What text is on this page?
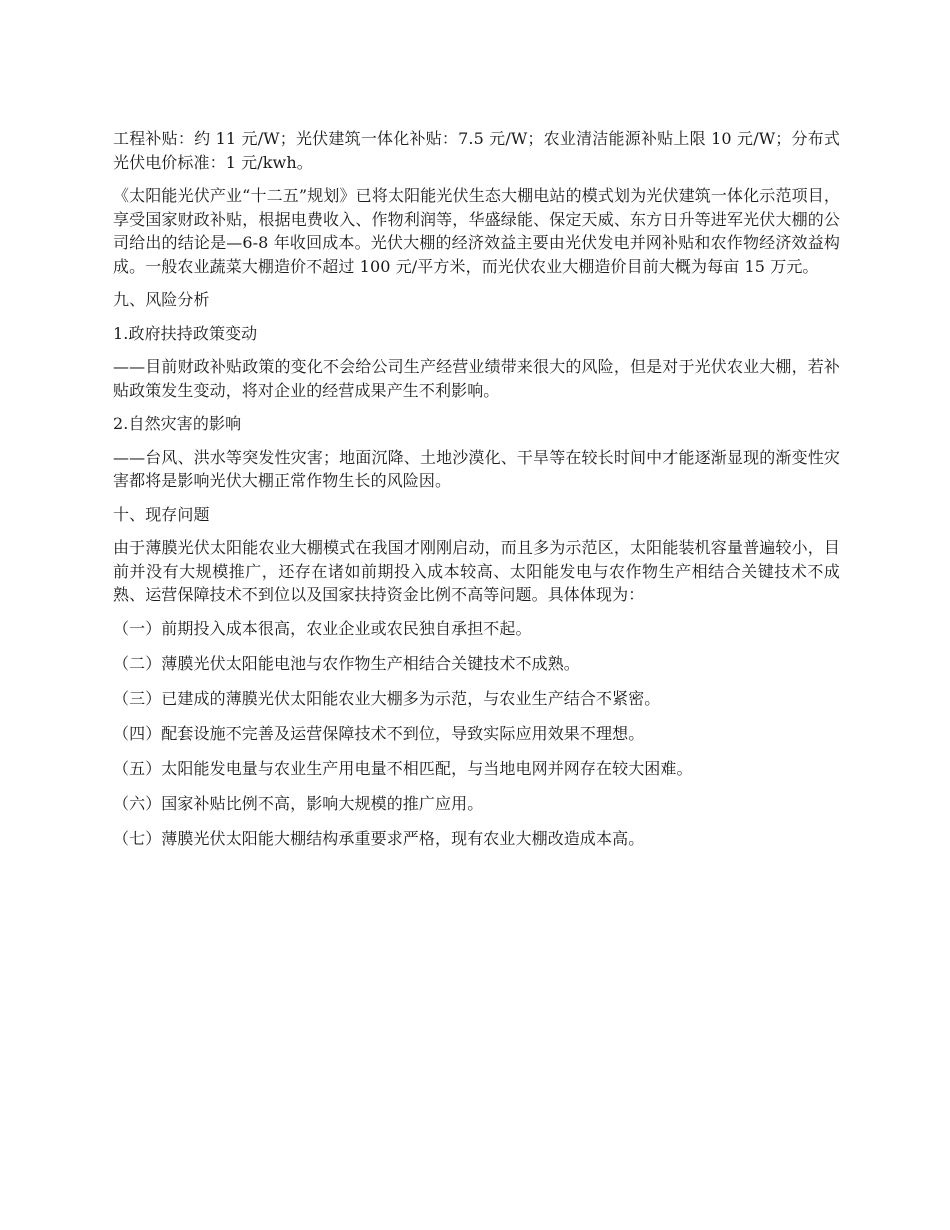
工程补贴：约 11 元/W；光伏建筑一体化补贴：7.5 元/W；农业清洁能源补贴上限 10 元/W；分布式光伏电价标准：1 元/kwh。

《太阳能光伏产业“十二五”规划》已将太阳能光伏生态大棚电站的模式划为光伏建筑一体化示范项目，享受国家财政补贴，根据电费收入、作物利润等，华盛绿能、保定天威、东方日升等进军光伏大棚的公司给出的结论是—6-8 年收回成本。光伏大棚的经济效益主要由光伏发电并网补贴和农作物经济效益构成。一般农业蔬菜大棚造价不超过 100 元/平方米，而光伏农业大棚造价目前大概为每亩 15 万元。

九、风险分析

1.政府扶持政策变动

——目前财政补贴政策的变化不会给公司生产经营业绩带来很大的风险，但是对于光伏农业大棚，若补贴政策发生变动，将对企业的经营成果产生不利影响。

2.自然灾害的影响

——台风、洪水等突发性灾害；地面沉降、土地沙漠化、干旱等在较长时间中才能逐渐显现的渐变性灾害都将是影响光伏大棚正常作物生长的风险因。

十、现存问题

由于薄膜光伏太阳能农业大棚模式在我国才刚刚启动，而且多为示范区，太阳能装机容量普遍较小，目前并没有大规模推广，还存在诸如前期投入成本较高、太阳能发电与农作物生产相结合关键技术不成熟、运营保障技术不到位以及国家扶持资金比例不高等问题。具体体现为：

（一）前期投入成本很高，农业企业或农民独自承担不起。

（二）薄膜光伏太阳能电池与农作物生产相结合关键技术不成熟。

（三）已建成的薄膜光伏太阳能农业大棚多为示范，与农业生产结合不紧密。

（四）配套设施不完善及运营保障技术不到位，导致实际应用效果不理想。

（五）太阳能发电量与农业生产用电量不相匹配，与当地电网并网存在较大困难。

（六）国家补贴比例不高，影响大规模的推广应用。

（七）薄膜光伏太阳能大棚结构承重要求严格，现有农业大棚改造成本高。
